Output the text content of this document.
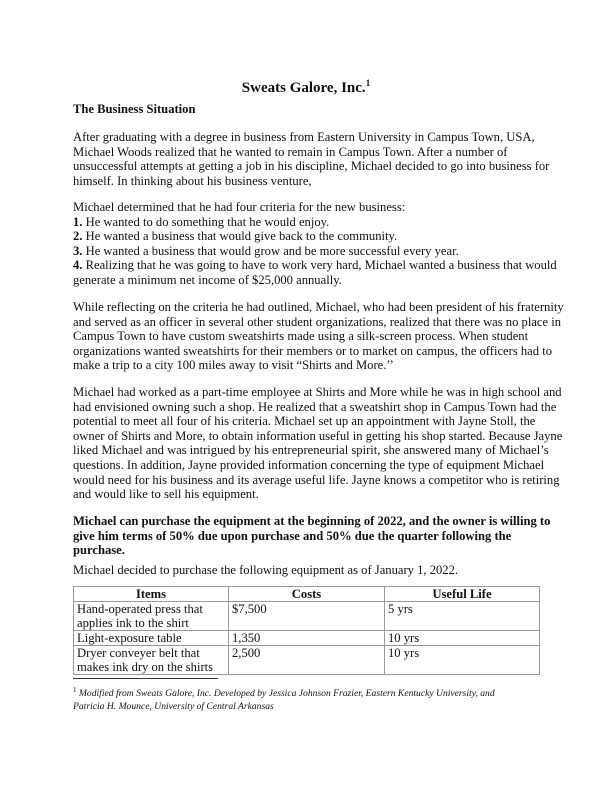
Sweats Galore, Inc.$^1$
The Business Situation
After graduating with a degree in business from Eastern University in Campus Town, USA,
Michael Woods realized that he wanted to remain in Campus Town. After a number of
unsuccessful attempts at getting a job in his discipline, Michael decided to go into business for
himself. In thinking about his business venture,
Michael determined that he had four criteria for the new business:
1. He wanted to do something that he would enjoy.
2. He wanted a business that would give back to the community.
3. He wanted a business that would grow and be more successful every year.
4. Realizing that he was going to have to work very hard, Michael wanted a business that would
generate a minimum net income of $25,000 annually.
While reflecting on the criteria he had outlined, Michael, who had been president of his fraternity
and served as an officer in several other student organizations, realized that there was no place in
Campus Town to have custom sweatshirts made using a silk-screen process. When student
organizations wanted sweatshirts for their members or to market on campus, the officers had to
make a trip to a city 100 miles away to visit “Shirts and More.’’
Michael had worked as a part-time employee at Shirts and More while he was in high school and
had envisioned owning such a shop. He realized that a sweatshirt shop in Campus Town had the
potential to meet all four of his criteria. Michael set up an appointment with Jayne Stoll, the
owner of Shirts and More, to obtain information useful in getting his shop started. Because Jayne
liked Michael and was intrigued by his entrepreneurial spirit, she answered many of Michael’s
questions. In addition, Jayne provided information concerning the type of equipment Michael
would need for his business and its average useful life. Jayne knows a competitor who is retiring
and would like to sell his equipment.
Michael can purchase the equipment at the beginning of 2022, and the owner is willing to
give him terms of 50% due upon purchase and 50% due the quarter following the
purchase.
Michael decided to purchase the following equipment as of January 1, 2022.
Items	Costs	Useful Life
Hand-operated press that applies ink to the shirt	$7,500	5 yrs
Light-exposure table	1,350	10 yrs
Dryer conveyer belt that makes ink dry on the shirts	2,500	10 yrs
$^1$ Modified from Sweats Galore, Inc. Developed by Jessica Johnson Frazier, Eastern Kentucky University, and
Patricia H. Mounce, University of Central Arkansas
